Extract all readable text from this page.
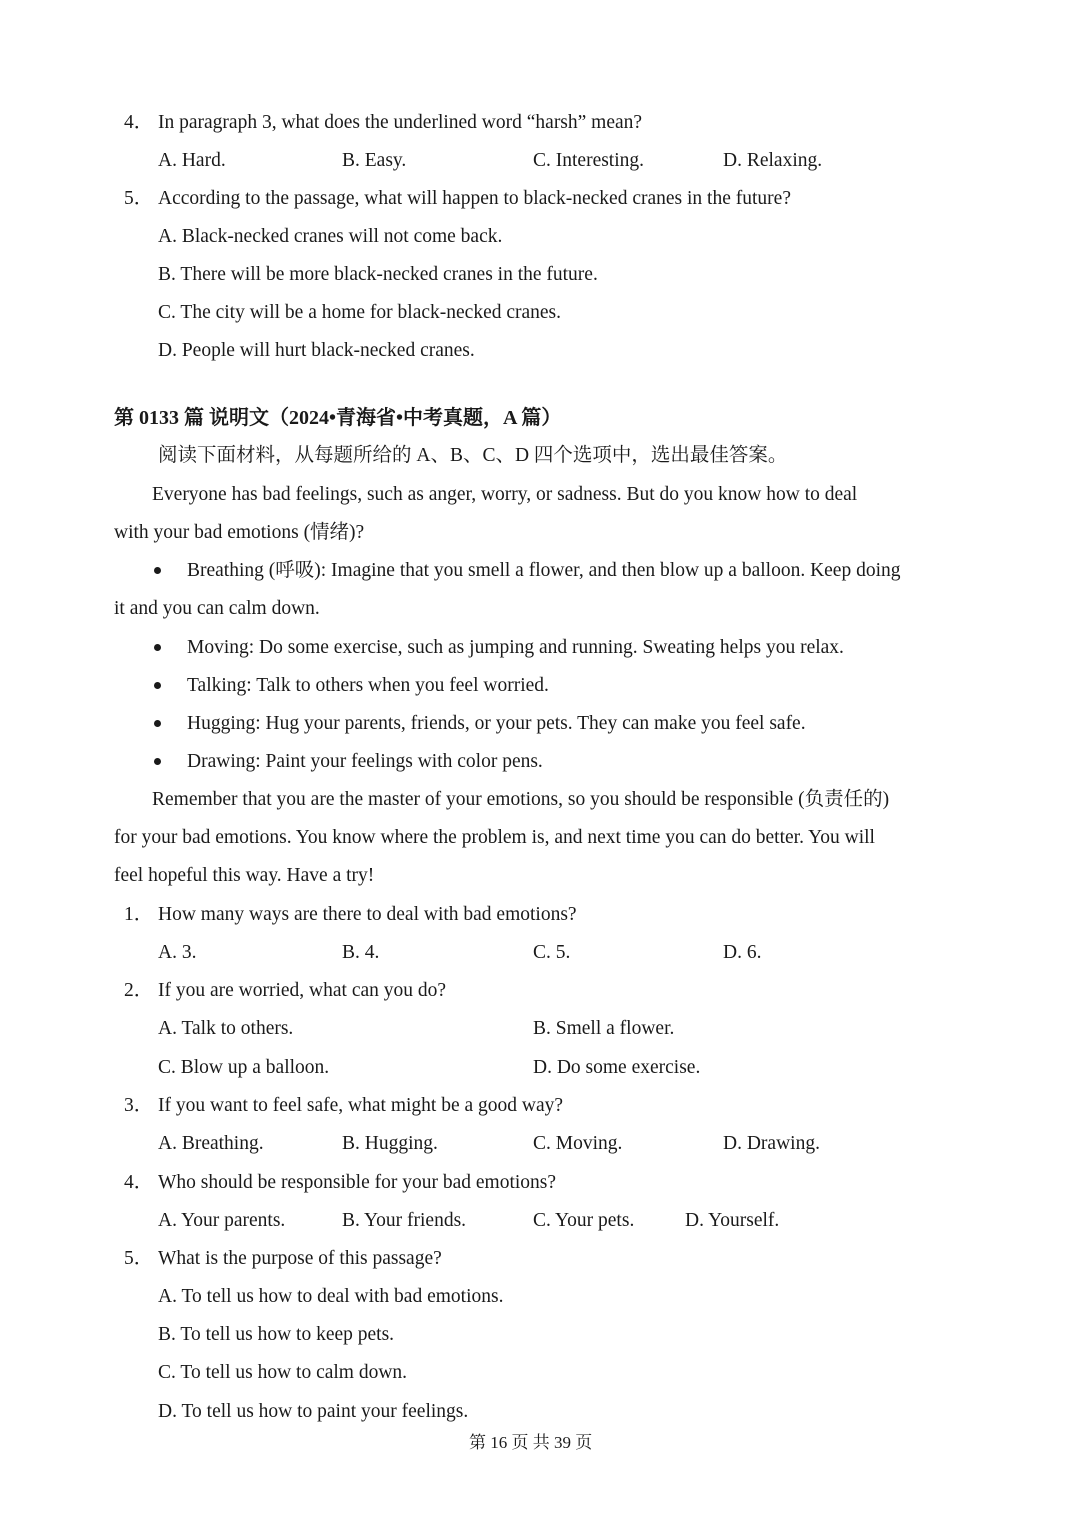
4． In paragraph 3, what does the underlined word “harsh” mean?
A. Hard.	B. Easy.	C. Interesting.	D. Relaxing.
5． According to the passage, what will happen to black-necked cranes in the future?
A. Black-necked cranes will not come back.
B. There will be more black-necked cranes in the future.
C. The city will be a home for black-necked cranes.
D. People will hurt black-necked cranes.
第 0133 篇 说明文（2024•青海省•中考真题，A 篇）
阅读下面材料，从每题所给的 A、B、C、D 四个选项中，选出最佳答案。
Everyone has bad feelings, such as anger, worry, or sadness. But do you know how to deal
with your bad emotions (情绪)?
Breathing (呼吸): Imagine that you smell a flower, and then blow up a balloon. Keep doing
it and you can calm down.
Moving: Do some exercise, such as jumping and running. Sweating helps you relax.
Talking: Talk to others when you feel worried.
Hugging: Hug your parents, friends, or your pets. They can make you feel safe.
Drawing: Paint your feelings with color pens.
Remember that you are the master of your emotions, so you should be responsible (负责任的)
for your bad emotions. You know where the problem is, and next time you can do better. You will
feel hopeful this way. Have a try!
1． How many ways are there to deal with bad emotions?
A. 3.	B. 4.	C. 5.	D. 6.
2． If you are worried, what can you do?
A. Talk to others.	B. Smell a flower.
C. Blow up a balloon.	D. Do some exercise.
3． If you want to feel safe, what might be a good way?
A. Breathing.	B. Hugging.	C. Moving.	D. Drawing.
4． Who should be responsible for your bad emotions?
A. Your parents.	B. Your friends.	C. Your pets.	D. Yourself.
5． What is the purpose of this passage?
A. To tell us how to deal with bad emotions.
B. To tell us how to keep pets.
C. To tell us how to calm down.
D. To tell us how to paint your feelings.
第 16 页 共 39 页
